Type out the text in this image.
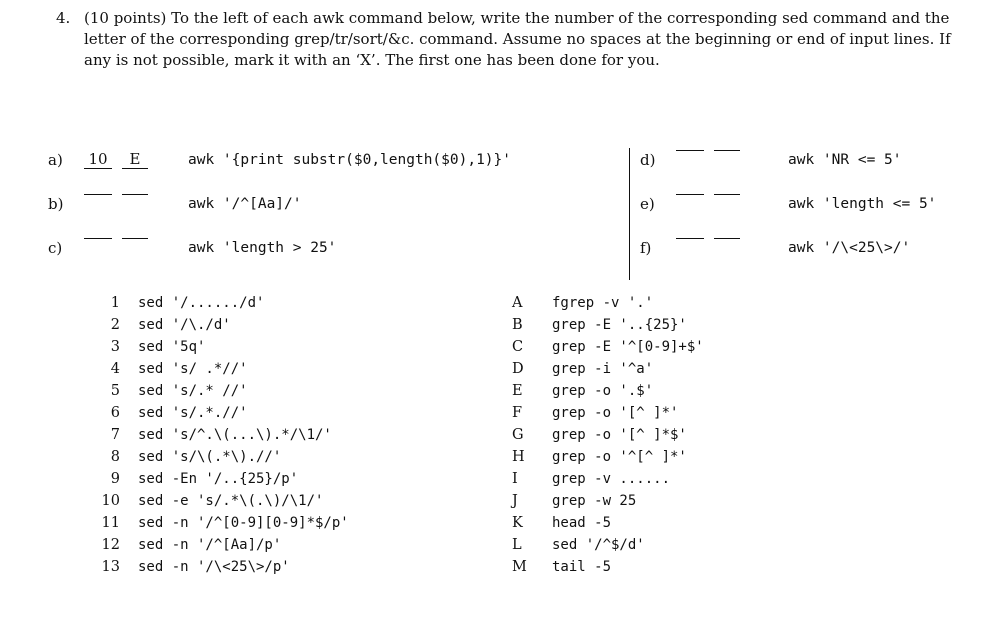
4. (10 points) To the left of each awk command below, write the number of the corresponding sed command and the letter of the corresponding grep/tr/sort/&c. command. Assume no spaces at the beginning or end of input lines. If any is not possible, mark it with an ‘X’. The first one has been done for you.
a) 10	E	awk '{print substr($0,length($0),1)}'
b)	awk '/^[Aa]/'
c)	awk 'length > 25'
d)	awk 'NR <= 5'
e)	awk 'length <= 5'
f)	awk '/\<25\>/'
1 sed '/....../d'
2 sed '/\./d'
3 sed '5q'
4 sed 's/ .*//'
5 sed 's/.* //'
6 sed 's/.*.//'
7 sed 's/^.\(...\).*/\1/'
8 sed 's/\(.*\).//'
9 sed -En '/..{25}/p'
10 sed -e 's/.*\(.\)/\1/'
11 sed -n '/^[0-9][0-9]*$/p'
12 sed -n '/^[Aa]/p'
13 sed -n '/\<25\>/p'
A	fgrep -v '.'
B	grep -E '..{25}'
C	grep -E '^[0-9]+$'
D	grep -i '^a'
E	grep -o '.$'
F	grep -o '[^ ]*'
G	grep -o '[^ ]*$'
H	grep -o '^[^ ]*'
I	grep -v ......
J	grep -w 25
K	head -5
L	sed '/^$/d'
M	tail -5
